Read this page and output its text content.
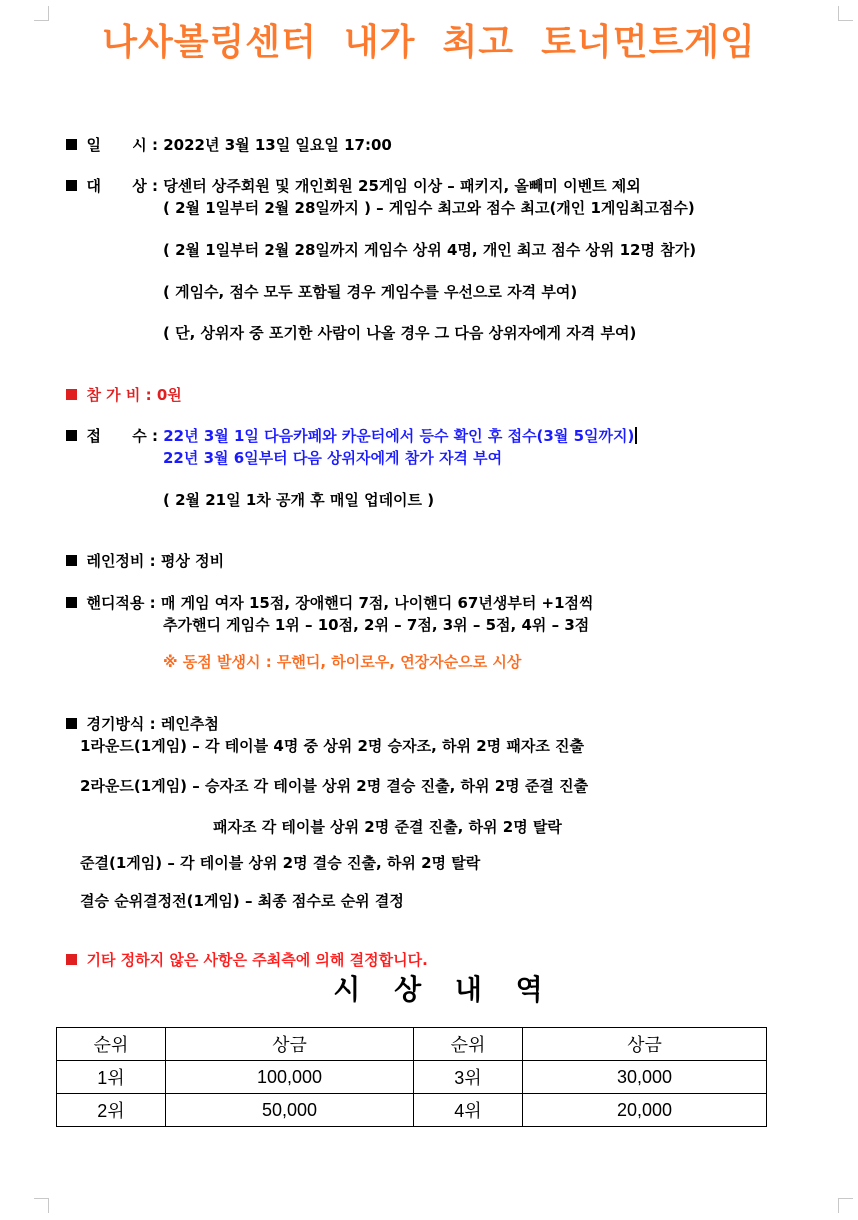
나사볼링센터  내가  최고  토너먼트게임

일      시 : 2022년 3월 13일 일요일 17:00

대      상 : 당센터 상주회원 및 개인회원 25게임 이상 – 패키지, 올빼미 이벤트 제외

( 2월 1일부터 2월 28일까지 ) – 게임수 최고와 점수 최고(개인 1게임최고점수)
( 2월 1일부터 2월 28일까지 게임수 상위 4명, 개인 최고 점수 상위 12명 참가)
( 게임수, 점수 모두 포함될 경우 게임수를 우선으로 자격 부여)
( 단, 상위자 중 포기한 사람이 나올 경우 그 다음 상위자에게 자격 부여)

참 가 비 : 0원

접      수 : 22년 3월 1일 다음카페와 카운터에서 등수 확인 후 접수(3월 5일까지)

22년 3월 6일부터 다음 상위자에게 참가 자격 부여
( 2월 21일 1차 공개 후 매일 업데이트 )

레인정비 : 평상 정비

핸디적용 : 매 게임 여자 15점, 장애핸디 7점, 나이핸디 67년생부터 +1점씩

추가핸디 게임수 1위 – 10점, 2위 – 7점, 3위 – 5점, 4위 – 3점
※ 동점 발생시 : 무핸디, 하이로우, 연장자순으로 시상

경기방식 : 레인추첨

1라운드(1게임) – 각 테이블 4명 중 상위 2명 승자조, 하위 2명 패자조 진출
2라운드(1게임) – 승자조 각 테이블 상위 2명 결승 진출, 하위 2명 준결 진출
패자조 각 테이블 상위 2명 준결 진출, 하위 2명 탈락
준결(1게임) – 각 테이블 상위 2명 결승 진출, 하위 2명 탈락
결승 순위결정전(1게임) – 최종 점수로 순위 결정

기타 정하지 않은 사항은 주최측에 의해 결정합니다.

시 상 내 역
순위	상금	순위	상금
1위	100,000	3위	30,000
2위	50,000	4위	20,000
